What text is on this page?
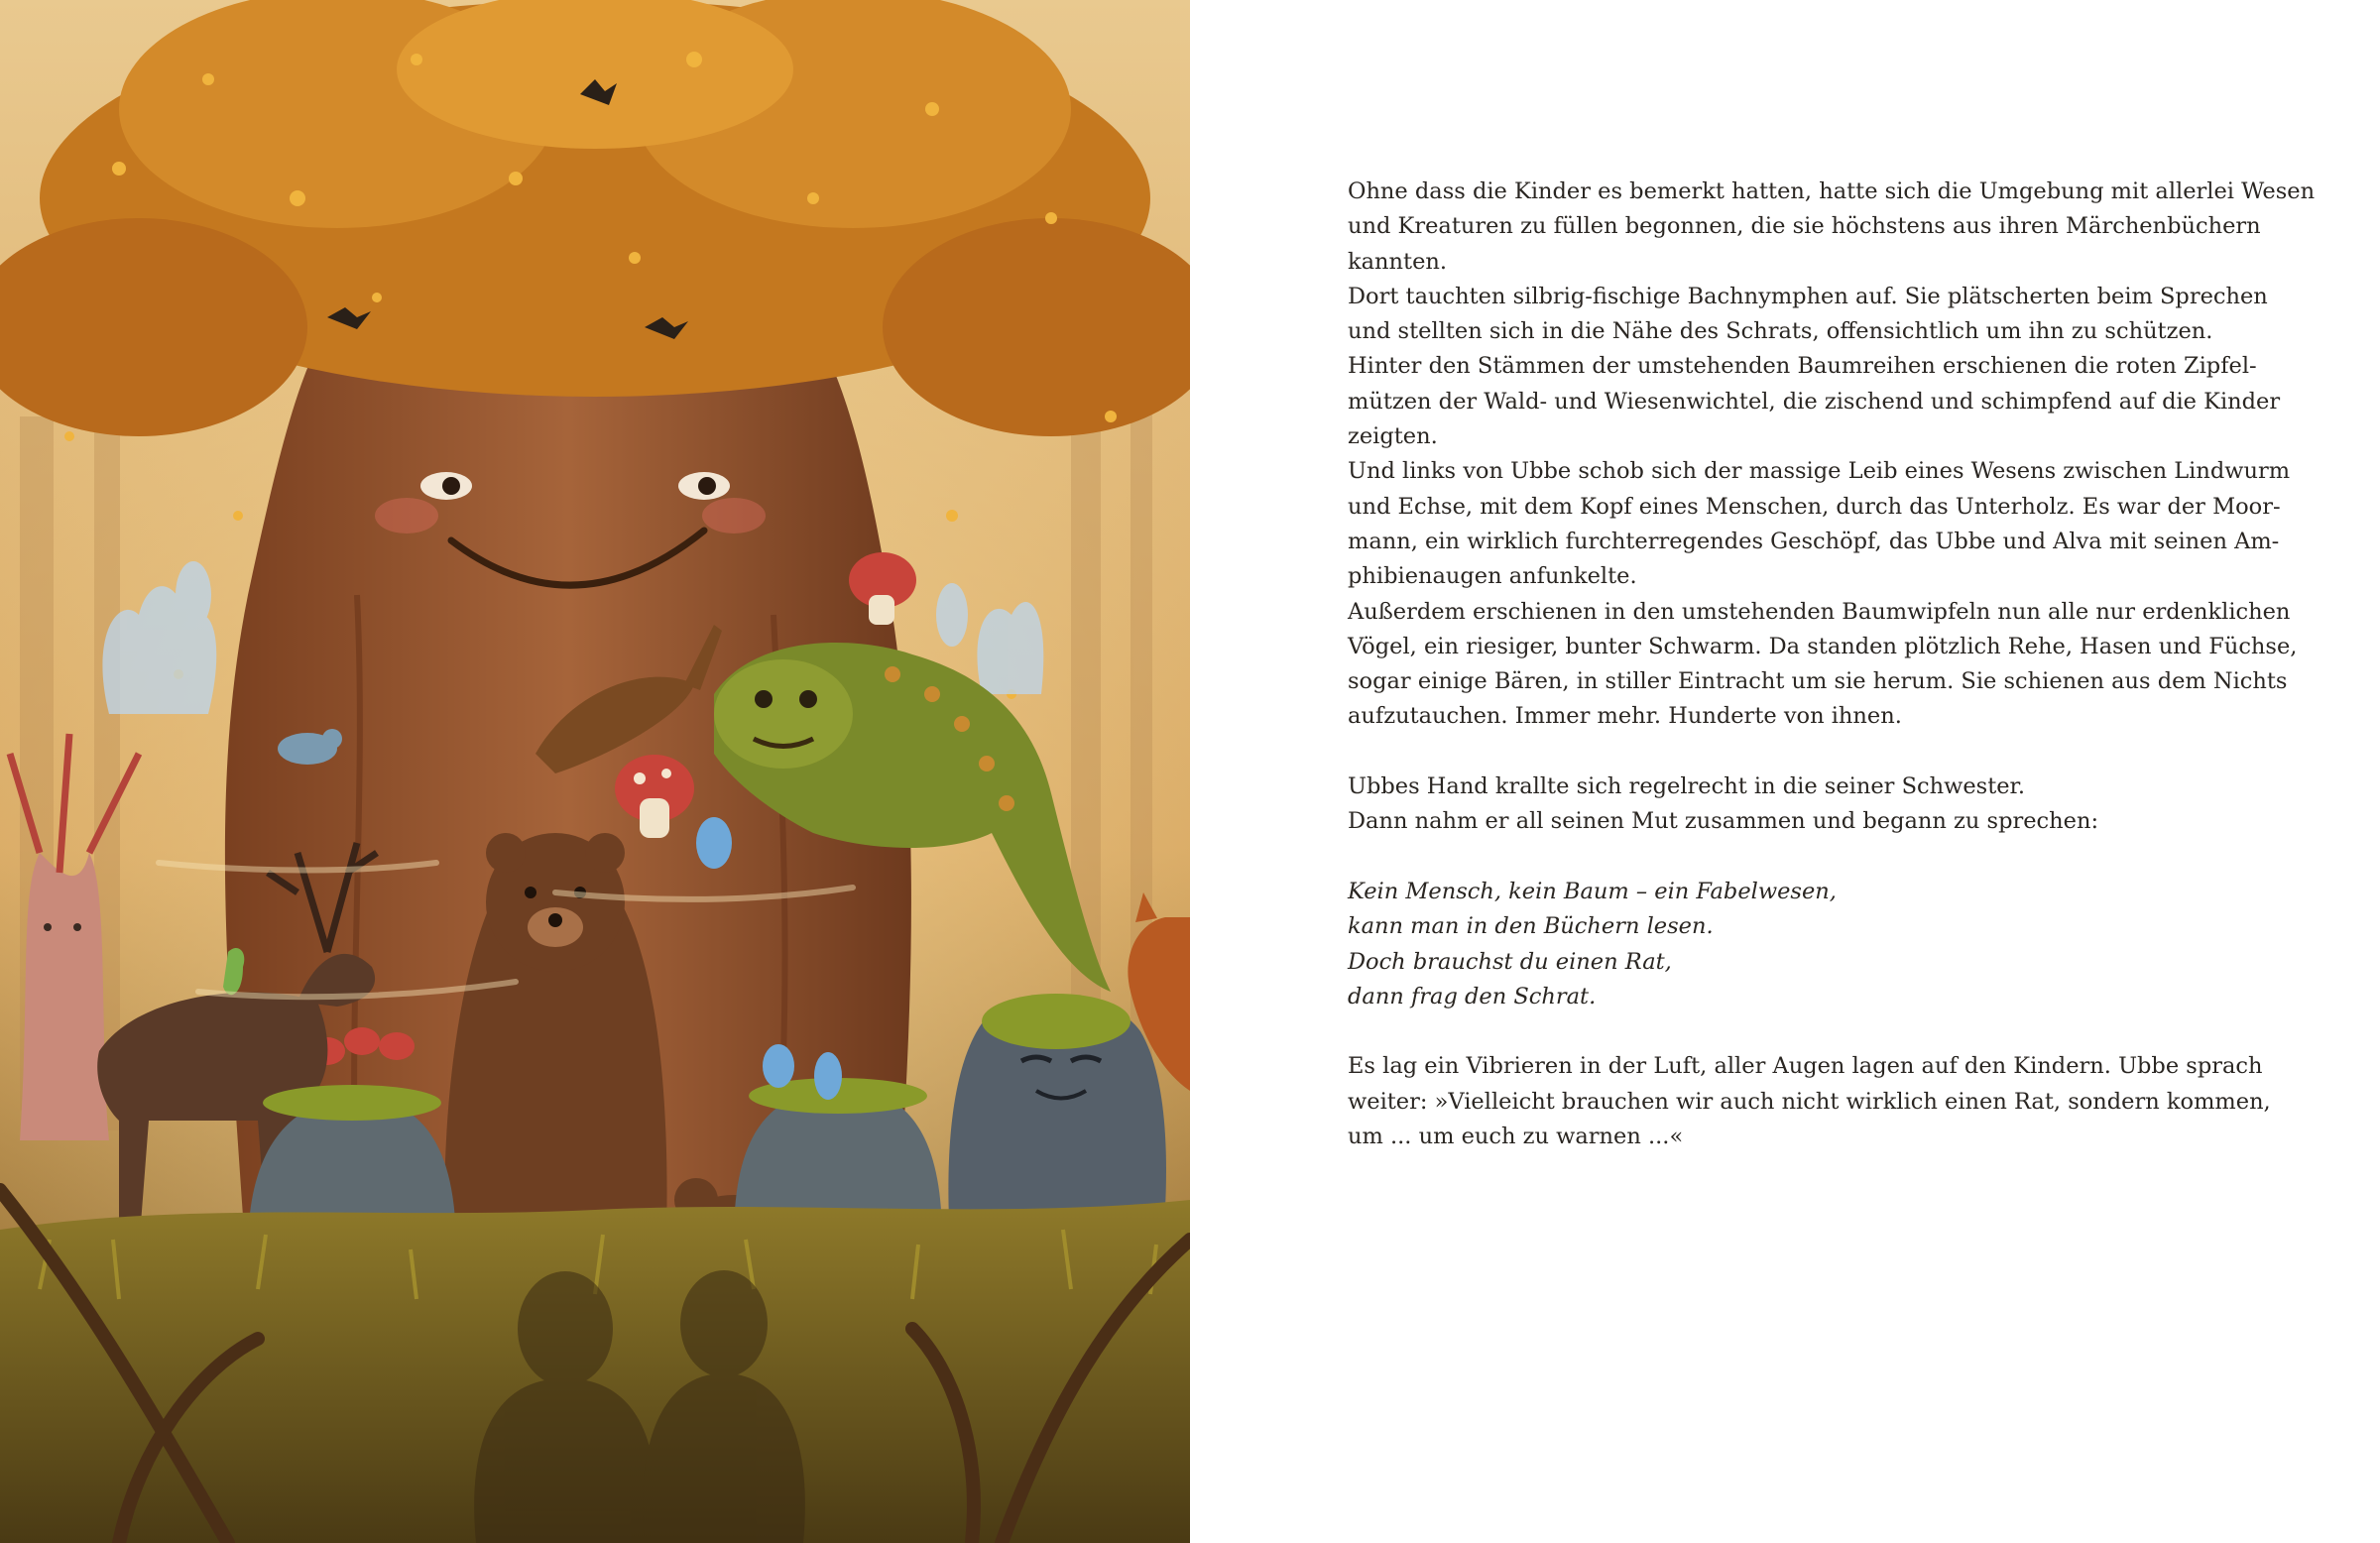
Ohne dass die Kinder es bemerkt hatten, hatte sich die Umgebung mit allerlei Wesen
und Kreaturen zu füllen begonnen, die sie höchstens aus ihren Märchenbüchern
kannten.

Dort tauchten silbrig-fischige Bachnymphen auf. Sie plätscherten beim Sprechen
und stellten sich in die Nähe des Schrats, offensichtlich um ihn zu schützen.

Hinter den Stämmen der umstehenden Baumreihen erschienen die roten Zipfel-
mützen der Wald- und Wiesenwichtel, die zischend und schimpfend auf die Kinder
zeigten.

Und links von Ubbe schob sich der massige Leib eines Wesens zwischen Lindwurm
und Echse, mit dem Kopf eines Menschen, durch das Unterholz. Es war der Moor-
mann, ein wirklich furchterregendes Geschöpf, das Ubbe und Alva mit seinen Am-
phibienaugen anfunkelte.

Außerdem erschienen in den umstehenden Baumwipfeln nun alle nur erdenklichen
Vögel, ein riesiger, bunter Schwarm. Da standen plötzlich Rehe, Hasen und Füchse,
sogar einige Bären, in stiller Eintracht um sie herum. Sie schienen aus dem Nichts
aufzutauchen. Immer mehr. Hunderte von ihnen.

Ubbes Hand krallte sich regelrecht in die seiner Schwester.
Dann nahm er all seinen Mut zusammen und begann zu sprechen:

Kein Mensch, kein Baum – ein Fabelwesen,
kann man in den Büchern lesen.
Doch brauchst du einen Rat,
dann frag den Schrat.

Es lag ein Vibrieren in der Luft, aller Augen lagen auf den Kindern. Ubbe sprach
weiter: »Vielleicht brauchen wir auch nicht wirklich einen Rat, sondern kommen,
um ... um euch zu warnen ...«
